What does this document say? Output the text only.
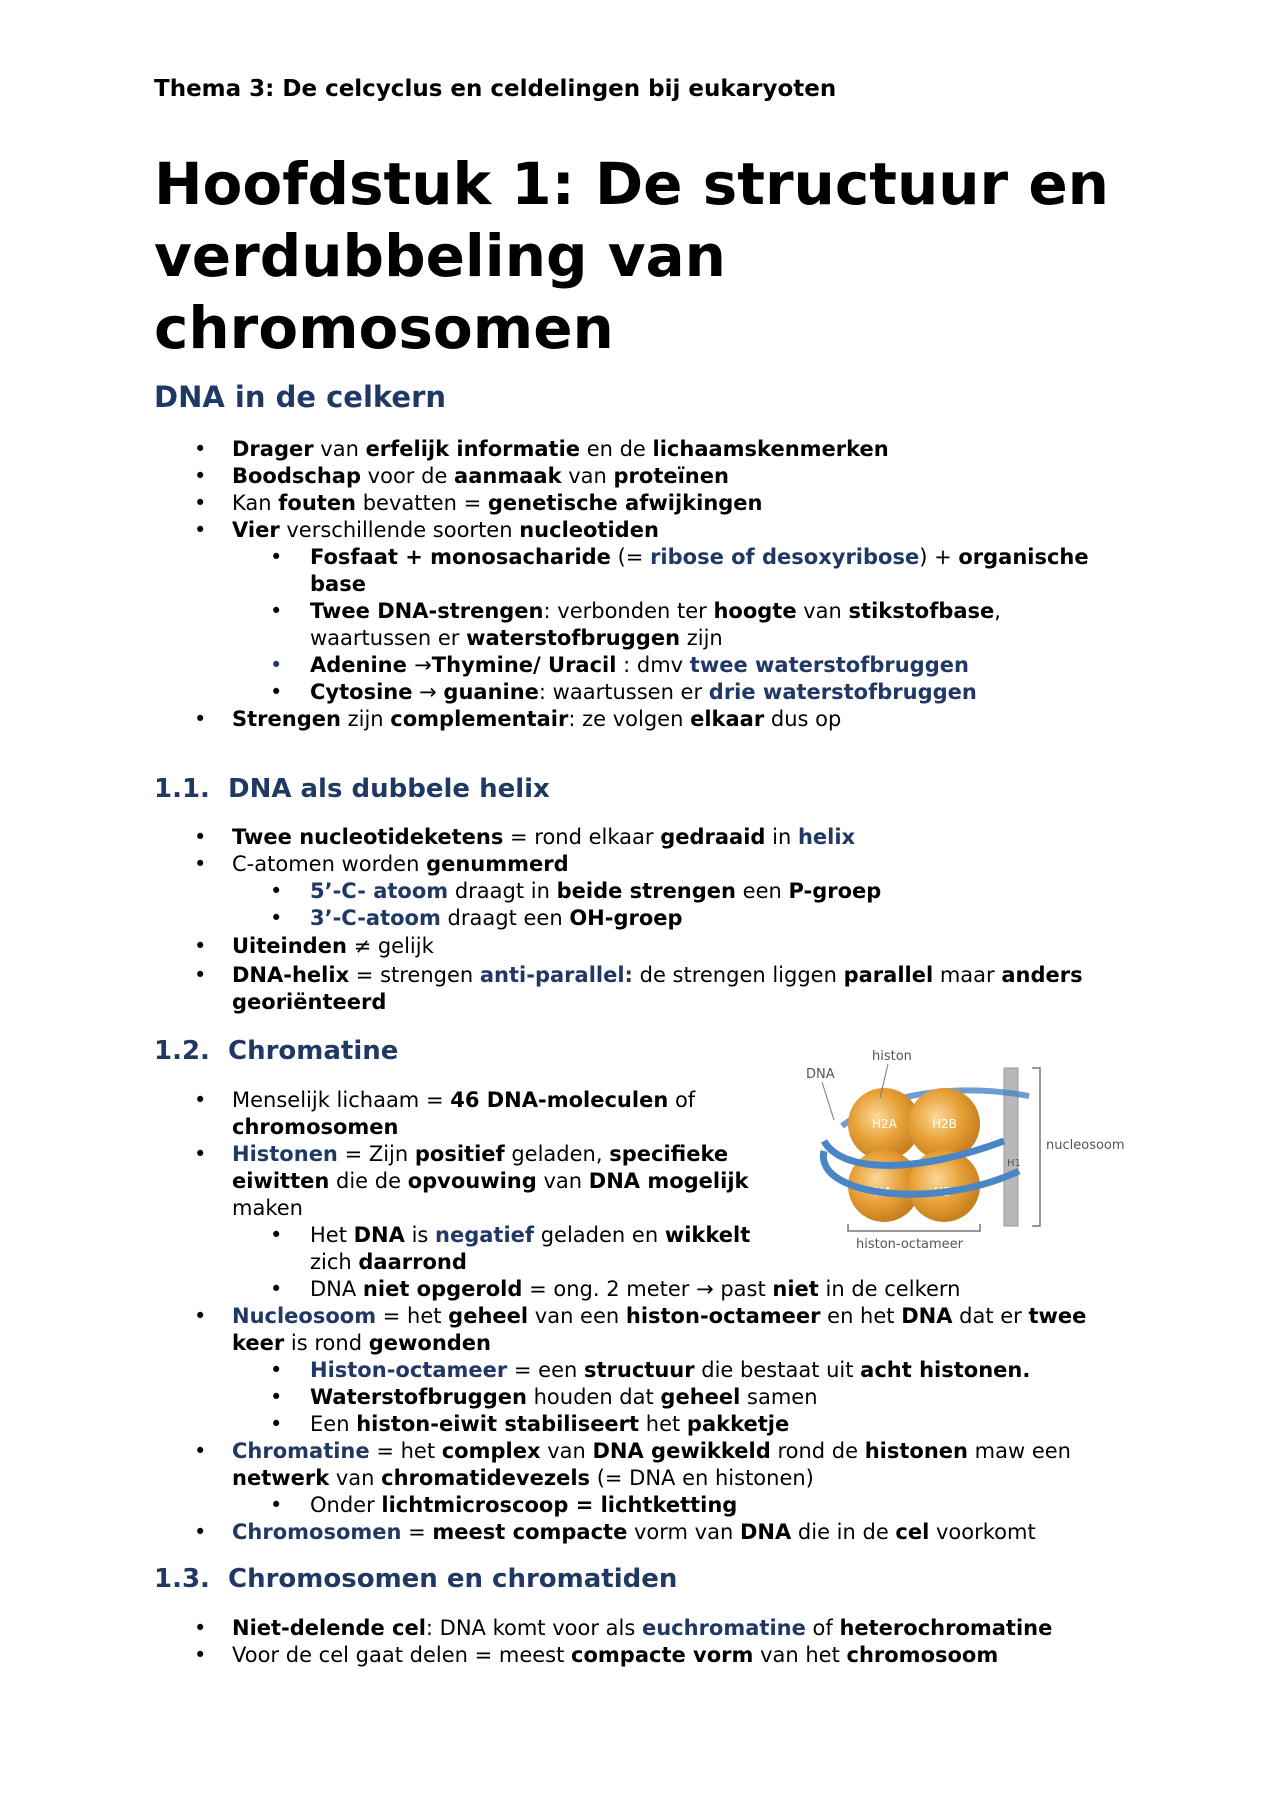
Thema 3: De celcyclus en celdelingen bij eukaryoten
Hoofdstuk 1: De structuur en
verdubbeling van
chromosomen
DNA in de celkern
• Drager van erfelijk informatie en de lichaamskenmerken
• Boodschap voor de aanmaak van proteïnen
• Kan fouten bevatten = genetische afwijkingen
• Vier verschillende soorten nucleotiden
• Fosfaat + monosacharide (= ribose of desoxyribose) + organische
base
• Twee DNA-strengen: verbonden ter hoogte van stikstofbase,
waartussen er waterstofbruggen zijn
• Adenine →Thymine/ Uracil : dmv twee waterstofbruggen
• Cytosine → guanine: waartussen er drie waterstofbruggen
• Strengen zijn complementair: ze volgen elkaar dus op
1.1. DNA als dubbele helix
• Twee nucleotideketens = rond elkaar gedraaid in helix
• C-atomen worden genummerd
• 5’-C- atoom draagt in beide strengen een P-groep
• 3’-C-atoom draagt een OH-groep
• Uiteinden ≠ gelijk
• DNA-helix = strengen anti-parallel: de strengen liggen parallel maar anders
georiënteerd
1.2. Chromatine
• Menselijk lichaam = 46 DNA-moleculen of
chromosomen
• Histonen = Zijn positief geladen, specifieke
eiwitten die de opvouwing van DNA mogelijk
maken
• Het DNA is negatief geladen en wikkelt
zich daarrond
• DNA niet opgerold = ong. 2 meter → past niet in de celkern
• Nucleosoom = het geheel van een histon-octameer en het DNA dat er twee
keer is rond gewonden
• Histon-octameer = een structuur die bestaat uit acht histonen.
• Waterstofbruggen houden dat geheel samen
• Een histon-eiwit stabiliseert het pakketje
• Chromatine = het complex van DNA gewikkeld rond de histonen maw een
netwerk van chromatidevezels (= DNA en histonen)
• Onder lichtmicroscoop = lichtketting
• Chromosomen = meest compacte vorm van DNA die in de cel voorkomt
H1
H2A	H2B
H4	H3
DNA
histon
nucleosoom
histon-octameer
1.3. Chromosomen en chromatiden
• Niet-delende cel: DNA komt voor als euchromatine of heterochromatine
• Voor de cel gaat delen = meest compacte vorm van het chromosoom
